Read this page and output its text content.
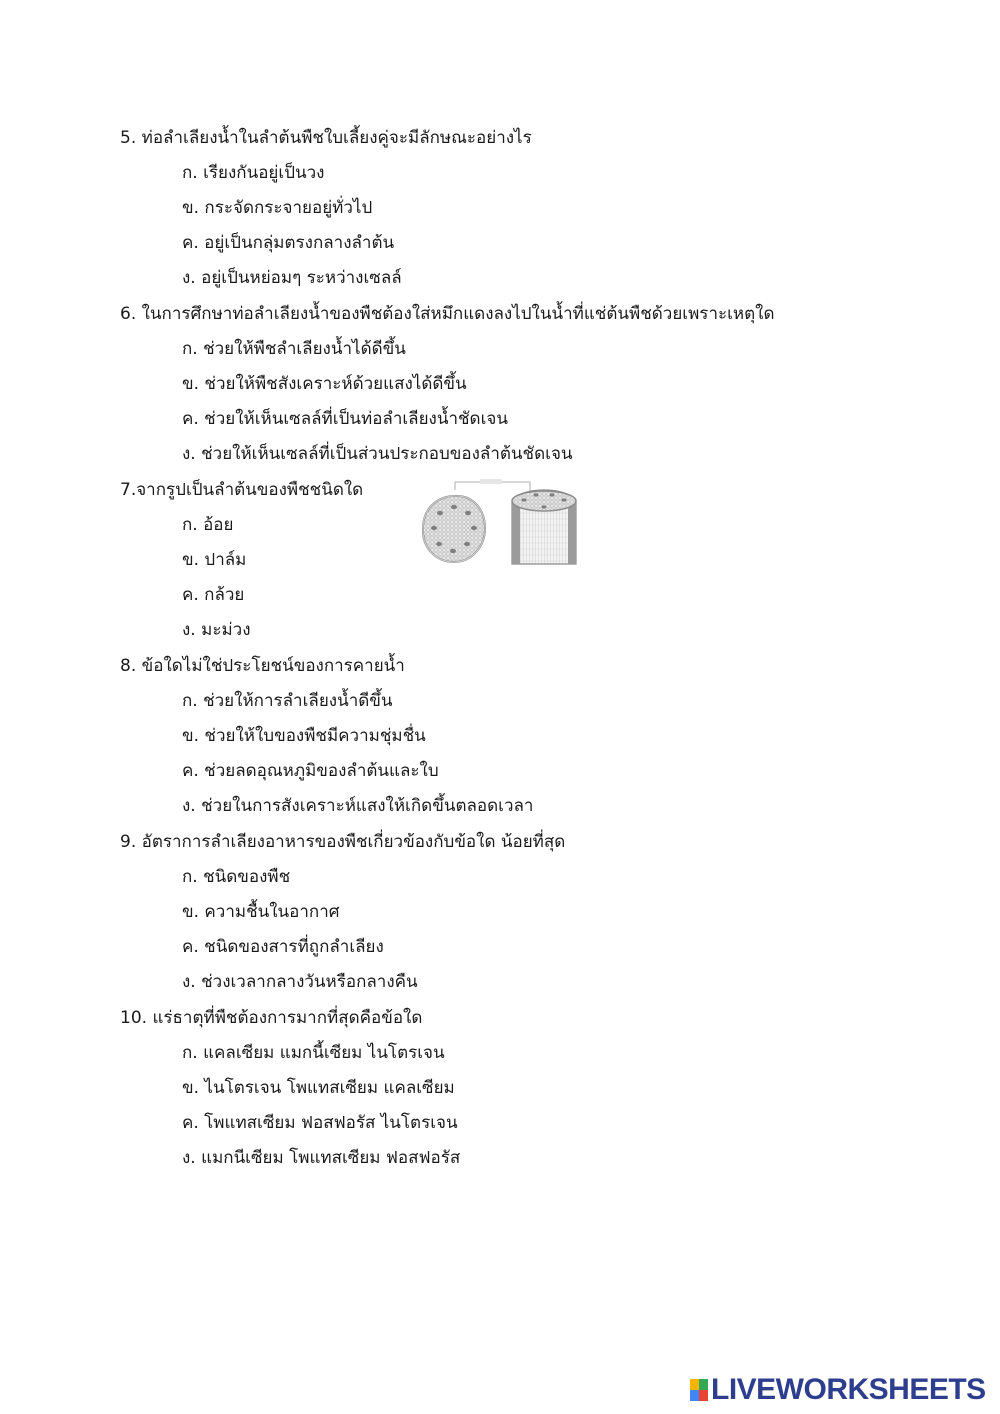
5. ท่อลำเลียงน้ำในลำต้นพืชใบเลี้ยงคู่จะมีลักษณะอย่างไร
ก. เรียงกันอยู่เป็นวง
ข. กระจัดกระจายอยู่ทั่วไป
ค. อยู่เป็นกลุ่มตรงกลางลำต้น
ง. อยู่เป็นหย่อมๆ ระหว่างเซลล์
6. ในการศึกษาท่อลำเลียงน้ำของพืชต้องใส่หมึกแดงลงไปในน้ำที่แช่ต้นพืชด้วยเพราะเหตุใด
ก. ช่วยให้พืชลำเลียงน้ำได้ดีขึ้น
ข. ช่วยให้พืชสังเคราะห์ด้วยแสงได้ดีขึ้น
ค. ช่วยให้เห็นเซลล์ที่เป็นท่อลำเลียงน้ำชัดเจน
ง. ช่วยให้เห็นเซลล์ที่เป็นส่วนประกอบของลำต้นชัดเจน
7.จากรูปเป็นลำต้นของพืชชนิดใด
ก. อ้อย
ข. ปาล์ม
ค. กล้วย
ง. มะม่วง
8. ข้อใดไม่ใช่ประโยชน์ของการคายน้ำ
ก. ช่วยให้การลำเลียงน้ำดีขึ้น
ข. ช่วยให้ใบของพืชมีความชุ่มชื่น
ค. ช่วยลดอุณหภูมิของลำต้นและใบ
ง. ช่วยในการสังเคราะห์แสงให้เกิดขึ้นตลอดเวลา
9. อัตราการลำเลียงอาหารของพืชเกี่ยวข้องกับข้อใด น้อยที่สุด
ก. ชนิดของพืช
ข. ความชื้นในอากาศ
ค. ชนิดของสารที่ถูกลำเลียง
ง. ช่วงเวลากลางวันหรือกลางคืน
10. แร่ธาตุที่พืชต้องการมากที่สุดคือข้อใด
ก. แคลเซียม แมกนี้เซียม ไนโตรเจน
ข. ไนโตรเจน โพแทสเซียม แคลเซียม
ค. โพแทสเซียม ฟอสฟอรัส ไนโตรเจน
ง. แมกนีเซียม โพแทสเซียม ฟอสฟอรัส
LIVEWORKSHEETS
